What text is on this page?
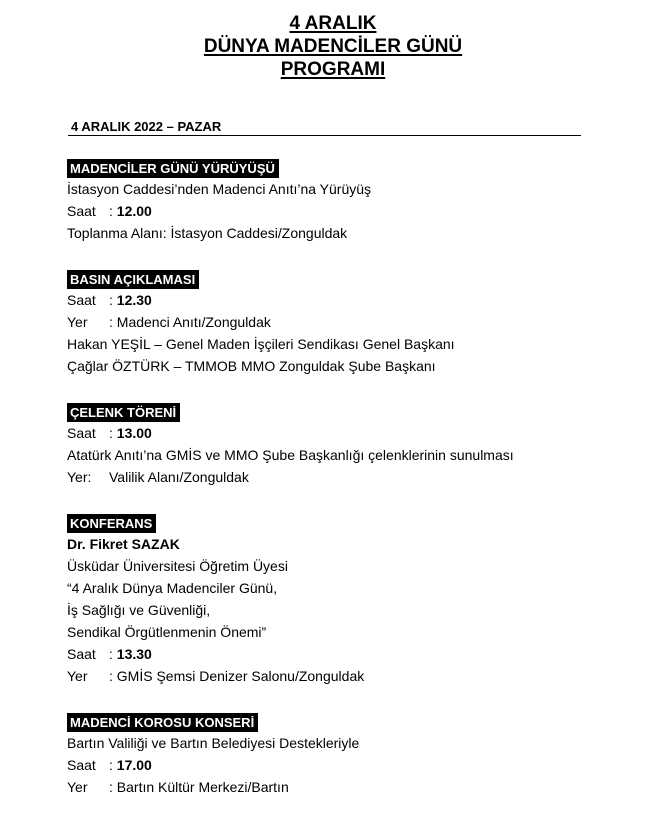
4 ARALIK
DÜNYA MADENCİLER GÜNÜ
PROGRAMI
4 ARALIK 2022 – PAZAR
MADENCİLER GÜNÜ YÜRÜYÜŞÜ
İstasyon Caddesi’nden Madenci Anıtı’na Yürüyüş
Saat : 12.00
Toplanma Alanı: İstasyon Caddesi/Zonguldak
BASIN AÇIKLAMASI
Saat : 12.30
Yer : Madenci Anıtı/Zonguldak
Hakan YEŞİL – Genel Maden İşçileri Sendikası Genel Başkanı
Çağlar ÖZTÜRK – TMMOB MMO Zonguldak Şube Başkanı
ÇELENK TÖRENİ
Saat : 13.00
Atatürk Anıtı’na GMİS ve MMO Şube Başkanlığı çelenklerinin sunulması
Yer: Valilik Alanı/Zonguldak
KONFERANS
Dr. Fikret SAZAK
Üsküdar Üniversitesi Öğretim Üyesi
“4 Aralık Dünya Madenciler Günü,
İş Sağlığı ve Güvenliği,
Sendikal Örgütlenmenin Önemi”
Saat : 13.30
Yer : GMİS Şemsi Denizer Salonu/Zonguldak
MADENCİ KOROSU KONSERİ
Bartın Valiliği ve Bartın Belediyesi Destekleriyle
Saat : 17.00
Yer : Bartın Kültür Merkezi/Bartın
